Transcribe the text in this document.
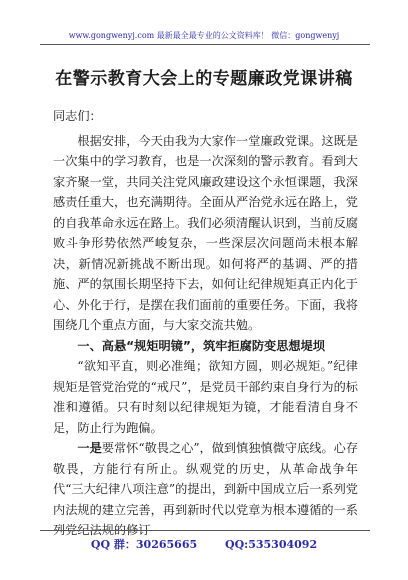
www.gongwenyj.com 最新最全最专业的公文资料库！ 微信：gongwenyj
在警示教育大会上的专题廉政党课讲稿

同志们：

根据安排，今天由我为大家作一堂廉政党课。这既是一次集中的学习教育，也是一次深刻的警示教育。看到大家齐聚一堂，共同关注党风廉政建设这个永恒课题，我深感责任重大，也充满期待。全面从严治党永远在路上，党的自我革命永远在路上。我们必须清醒认识到，当前反腐败斗争形势依然严峻复杂，一些深层次问题尚未根本解决，新情况新挑战不断出现。如何将严的基调、严的措施、严的氛围长期坚持下去，如何让纪律规矩真正内化于心、外化于行，是摆在我们面前的重要任务。下面，我将围绕几个重点方面，与大家交流共勉。

一、高悬“规矩明镜”，筑牢拒腐防变思想堤坝

“欲知平直，则必准绳；欲知方圆，则必规矩。”纪律规矩是管党治党的“戒尺”，是党员干部约束自身行为的标准和遵循。只有时刻以纪律规矩为镜，才能看清自身不足，防止行为跑偏。

一是要常怀“敬畏之心”，做到慎独慎微守底线。心存敬畏，方能行有所止。纵观党的历史，从革命战争年代“三大纪律八项注意”的提出，到新中国成立后一系列党内法规的建立完善，再到新时代以党章为根本遵循的一系列党纪法规的修订

QQ 群：30265665	QQ:535304092
